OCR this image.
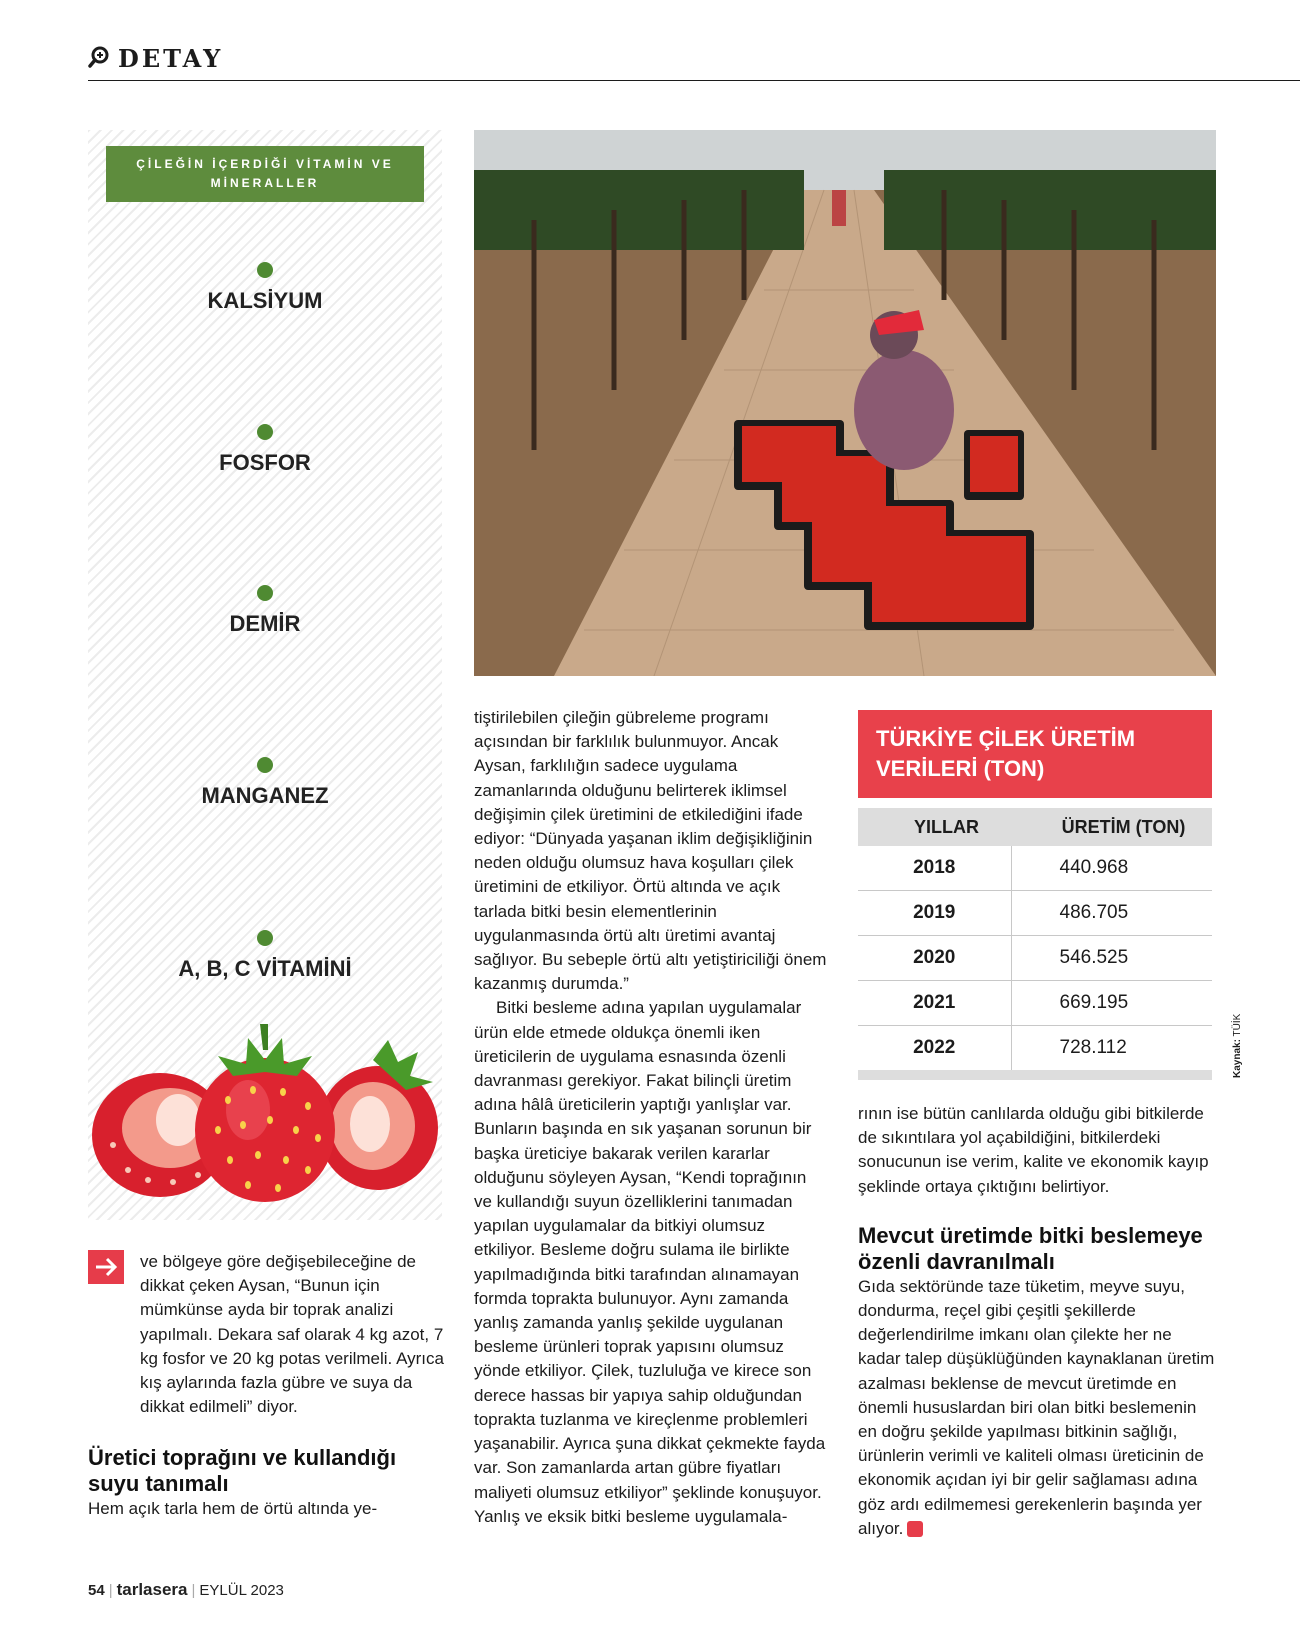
DETAY
ÇİLEĞİN İÇERDİĞİ VİTAMİN VE MİNERALLER
KALSİYUM
FOSFOR
DEMİR
MANGANEZ
A, B, C VİTAMİNİ

ve bölgeye göre değişebileceğine de dikkat çeken Aysan, “Bunun için mümkünse ayda bir toprak analizi yapılmalı. Dekara saf olarak 4 kg azot, 7 kg fosfor ve 20 kg potas verilmeli. Ayrıca kış aylarında fazla gübre ve suya da dikkat edilmeli” diyor.

Üretici toprağını ve kullandığı suyu tanımalı

Hem açık tarla hem de örtü altında ye-

tiştirilebilen çileğin gübreleme programı açısından bir farklılık bulunmuyor. Ancak Aysan, farklılığın sadece uygulama zamanlarında olduğunu belirterek iklimsel değişimin çilek üretimini de etkilediğini ifade ediyor: “Dünyada yaşanan iklim değişikliğinin neden olduğu olumsuz hava koşulları çilek üretimini de etkiliyor. Örtü altında ve açık tarlada bitki besin elementlerinin uygulanmasında örtü altı üretimi avantaj sağlıyor. Bu sebeple örtü altı yetiştiriciliği önem kazanmış durumda.”

Bitki besleme adına yapılan uygulamalar ürün elde etmede oldukça önemli iken üreticilerin de uygulama esnasında özenli davranması gerekiyor. Fakat bilinçli üretim adına hâlâ üreticilerin yaptığı yanlışlar var. Bunların başında en sık yaşanan sorunun bir başka üreticiye bakarak verilen kararlar olduğunu söyleyen Aysan, “Kendi toprağının ve kullandığı suyun özelliklerini tanımadan yapılan uygulamalar da bitkiyi olumsuz etkiliyor. Besleme doğru sulama ile birlikte yapılmadığında bitki tarafından alınamayan formda toprakta bulunuyor. Aynı zamanda yanlış zamanda yanlış şekilde uygulanan besleme ürünleri toprak yapısını olumsuz yönde etkiliyor. Çilek, tuzluluğa ve kirece son derece hassas bir yapıya sahip olduğundan toprakta tuzlanma ve kireçlenme problemleri yaşanabilir. Ayrıca şuna dikkat çekmekte fayda var. Son zamanlarda artan gübre fiyatları maliyeti olumsuz etkiliyor” şeklinde konuşuyor. Yanlış ve eksik bitki besleme uygulamala-

TÜRKİYE ÇİLEK ÜRETİM VERİLERİ (TON)
YILLAR	ÜRETİM (TON)
2018	440.968
2019	486.705
2020	546.525
2021	669.195
2022	728.112	Kaynak: TÜİK

rının ise bütün canlılarda olduğu gibi bitkilerde de sıkıntılara yol açabildiğini, bitkilerdeki sonucunun ise verim, kalite ve ekonomik kayıp şeklinde ortaya çıktığını belirtiyor.

Mevcut üretimde bitki beslemeye özenli davranılmalı

Gıda sektöründe taze tüketim, meyve suyu, dondurma, reçel gibi çeşitli şekillerde değerlendirilme imkanı olan çilekte her ne kadar talep düşüklüğünden kaynaklanan üretim azalması beklense de mevcut üretimde en önemli hususlardan biri olan bitki beslemenin en doğru şekilde yapılması bitkinin sağlığı, ürünlerin verimli ve kaliteli olması üreticinin de ekonomik açıdan iyi bir gelir sağlaması adına göz ardı edilmemesi gerekenlerin başında yer alıyor.

54 | tarlasera | EYLÜL 2023
